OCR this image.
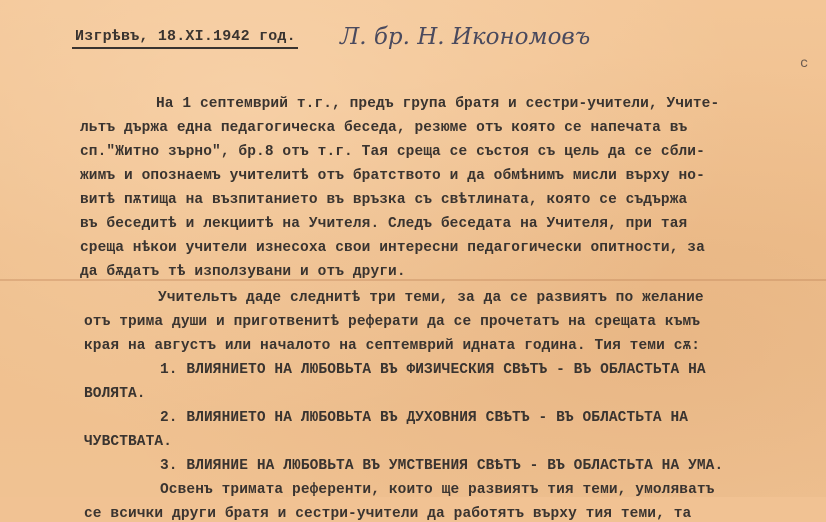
Изгрѣвъ, 18.XI.1942 год. Л. бр. Н. Икономовъ
с
На 1 септемврий т.г., предъ група братя и сестри-учители, Учите-
льтъ държа една педагогическа беседа, резюме отъ която се напечата въ
сп."Житно зърно", бр.8 отъ т.г. Тая среща се състоя съ цель да се сбли-
жимъ и опознаемъ учителитѣ отъ братството и да обмѣнимъ мисли върху но-
витѣ пѫтища на възпитанието въ връзка съ свѣтлината, която се съдържа
въ беседитѣ и лекциитѣ на Учителя. Следъ беседата на Учителя, при тая
среща нѣкои учители изнесоха свои интересни педагогически опитности, за
да бѫдатъ тѣ използувани и отъ други.
Учительтъ даде следнитѣ три теми, за да се развиятъ по желание
отъ трима души и приготвенитѣ реферати да се прочетатъ на срещата къмъ
края на августъ или началото на септемврий идната година. Тия теми сѫ:
1. ВЛИЯНИЕТО НА ЛЮБОВЬТА ВЪ ФИЗИЧЕСКИЯ СВѢТЪ - ВЪ ОБЛАСТЬТА НА
ВОЛЯТА.
2. ВЛИЯНИЕТО НА ЛЮБОВЬТА ВЪ ДУХОВНИЯ СВѢТЪ - ВЪ ОБЛАСТЬТА НА
ЧУВСТВАТА.
3. ВЛИЯНИЕ НА ЛЮБОВЬТА ВЪ УМСТВЕНИЯ СВѢТЪ - ВЪ ОБЛАСТЬТА НА УМА.
Освенъ тримата референти, които ще развиятъ тия теми, умоляватъ
се всички други братя и сестри-учители да работятъ върху тия теми, та
